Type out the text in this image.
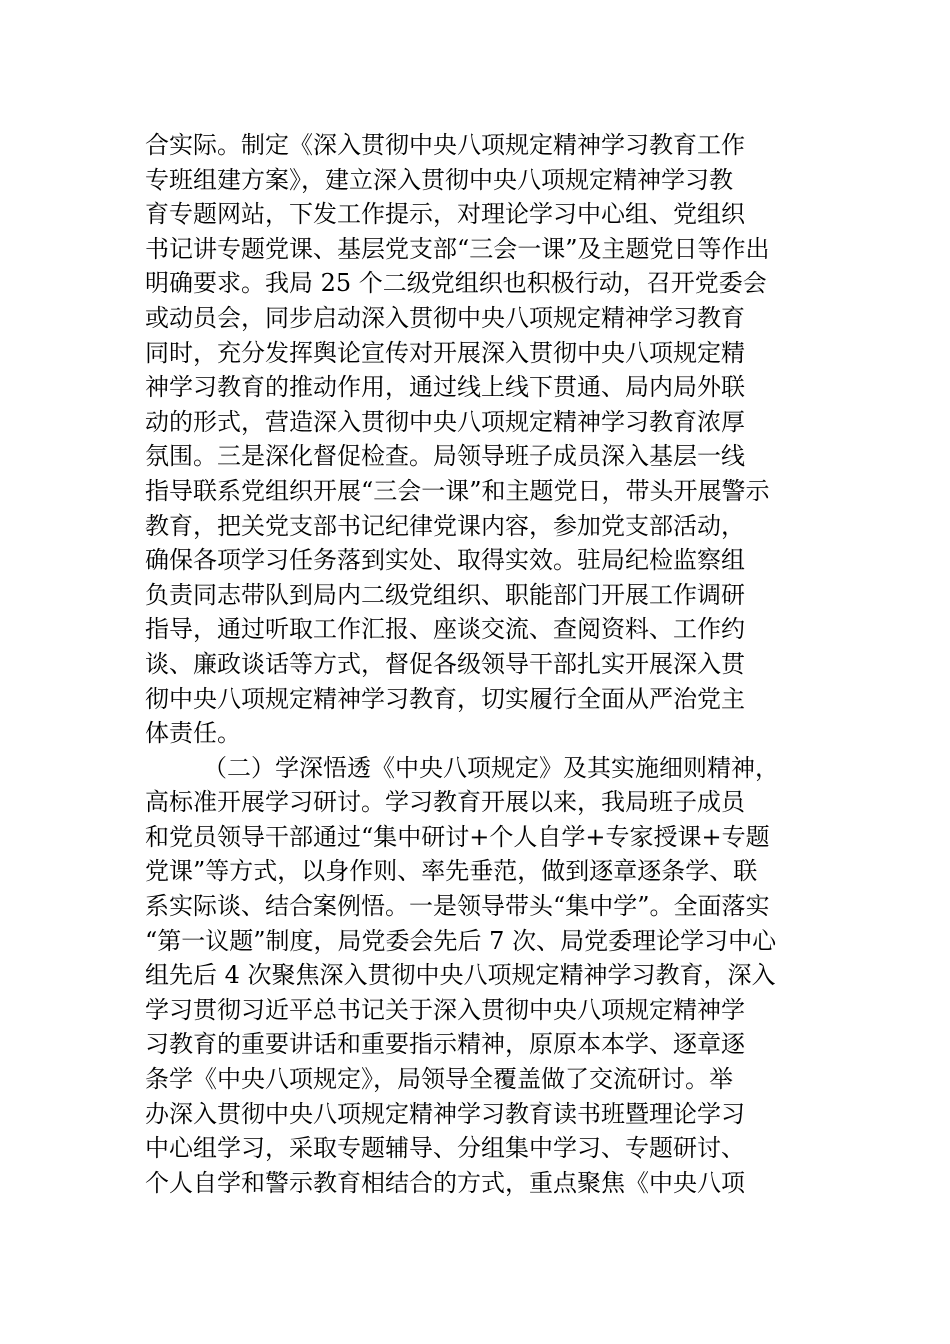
合实际。制定《深入贯彻中央八项规定精神学习教育工作
专班组建方案》，建立深入贯彻中央八项规定精神学习教
育专题网站，下发工作提示，对理论学习中心组、党组织
书记讲专题党课、基层党支部“三会一课”及主题党日等作出
明确要求。我局 25 个二级党组织也积极行动，召开党委会
或动员会，同步启动深入贯彻中央八项规定精神学习教育
同时，充分发挥舆论宣传对开展深入贯彻中央八项规定精
神学习教育的推动作用，通过线上线下贯通、局内局外联
动的形式，营造深入贯彻中央八项规定精神学习教育浓厚
氛围。三是深化督促检查。局领导班子成员深入基层一线
指导联系党组织开展“三会一课”和主题党日，带头开展警示
教育，把关党支部书记纪律党课内容，参加党支部活动，
确保各项学习任务落到实处、取得实效。驻局纪检监察组
负责同志带队到局内二级党组织、职能部门开展工作调研
指导，通过听取工作汇报、座谈交流、查阅资料、工作约
谈、廉政谈话等方式，督促各级领导干部扎实开展深入贯
彻中央八项规定精神学习教育，切实履行全面从严治党主
体责任。
（二）学深悟透《中央八项规定》及其实施细则精神，
高标准开展学习研讨。学习教育开展以来，我局班子成员
和党员领导干部通过“集中研讨+个人自学+专家授课+专题
党课”等方式，以身作则、率先垂范，做到逐章逐条学、联
系实际谈、结合案例悟。一是领导带头“集中学”。全面落实
“第一议题”制度，局党委会先后 7 次、局党委理论学习中心
组先后 4 次聚焦深入贯彻中央八项规定精神学习教育，深入
学习贯彻习近平总书记关于深入贯彻中央八项规定精神学
习教育的重要讲话和重要指示精神，原原本本学、逐章逐
条学《中央八项规定》，局领导全覆盖做了交流研讨。举
办深入贯彻中央八项规定精神学习教育读书班暨理论学习
中心组学习，采取专题辅导、分组集中学习、专题研讨、
个人自学和警示教育相结合的方式，重点聚焦《中央八项
